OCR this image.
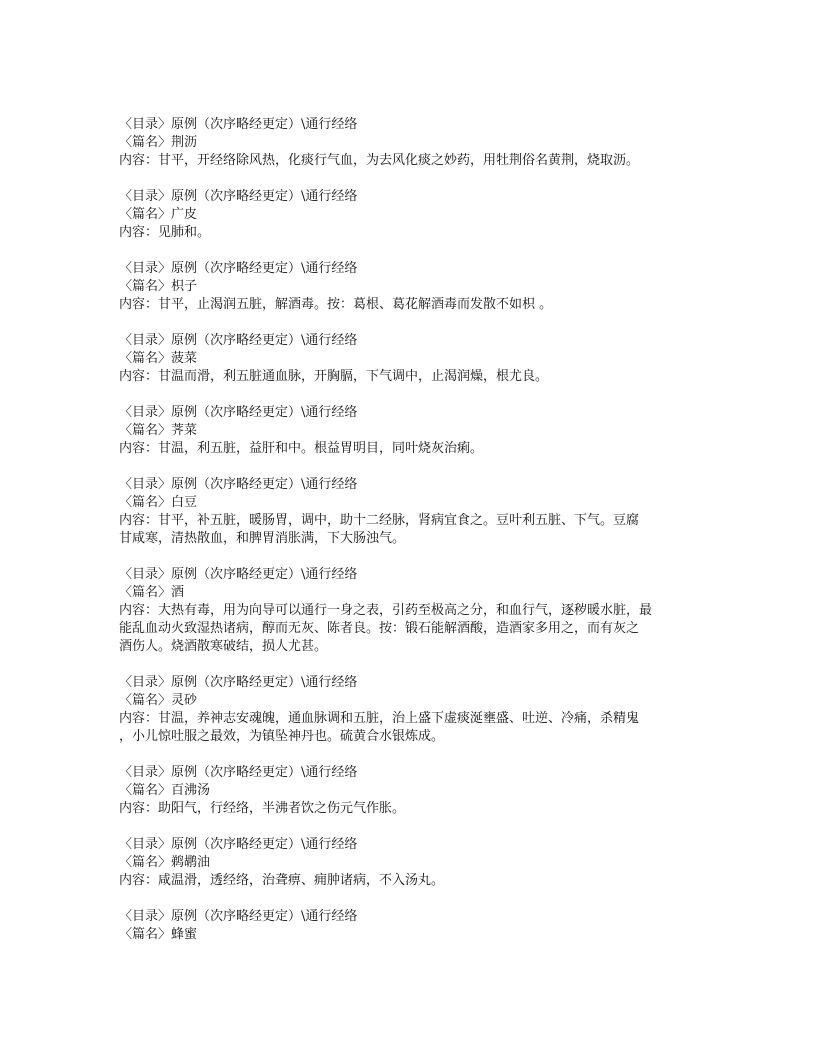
〈目录〉原例（次序略经更定）\通行经络
〈篇名〉荆沥
内容：甘平，开经络除风热，化痰行气血，为去风化痰之妙药，用牡荆俗名黄荆，烧取沥。
〈目录〉原例（次序略经更定）\通行经络
〈篇名〉广皮
内容：见肺和。
〈目录〉原例（次序略经更定）\通行经络
〈篇名〉枳子
内容：甘平，止渴润五脏，解酒毒。按：葛根、葛花解酒毒而发散不如枳 。
〈目录〉原例（次序略经更定）\通行经络
〈篇名〉菠菜
内容：甘温而滑，利五脏通血脉，开胸膈，下气调中，止渴润燥，根尤良。
〈目录〉原例（次序略经更定）\通行经络
〈篇名〉荠菜
内容：甘温，利五脏，益肝和中。根益胃明目，同叶烧灰治痢。
〈目录〉原例（次序略经更定）\通行经络
〈篇名〉白豆
内容：甘平，补五脏，暖肠胃，调中，助十二经脉，肾病宜食之。豆叶利五脏、下气。豆腐
甘咸寒，清热散血，和脾胃消胀满，下大肠浊气。
〈目录〉原例（次序略经更定）\通行经络
〈篇名〉酒
内容：大热有毒，用为向导可以通行一身之表，引药至极高之分，和血行气，逐秽暖水脏，最
能乱血动火致湿热诸病，醇而无灰、陈者良。按：锻石能解酒酸，造酒家多用之，而有灰之
酒伤人。烧酒散寒破结，损人尤甚。
〈目录〉原例（次序略经更定）\通行经络
〈篇名〉灵砂
内容：甘温，养神志安魂魄，通血脉调和五脏，治上盛下虚痰涎壅盛、吐逆、冷痛，杀精鬼
，小儿惊吐服之最效，为镇坠神丹也。硫黄合水银炼成。
〈目录〉原例（次序略经更定）\通行经络
〈篇名〉百沸汤
内容：助阳气，行经络，半沸者饮之伤元气作胀。
〈目录〉原例（次序略经更定）\通行经络
〈篇名〉鹈鹕油
内容：咸温滑，透经络，治聋痹、痈肿诸病，不入汤丸。
〈目录〉原例（次序略经更定）\通行经络
〈篇名〉蜂蜜
